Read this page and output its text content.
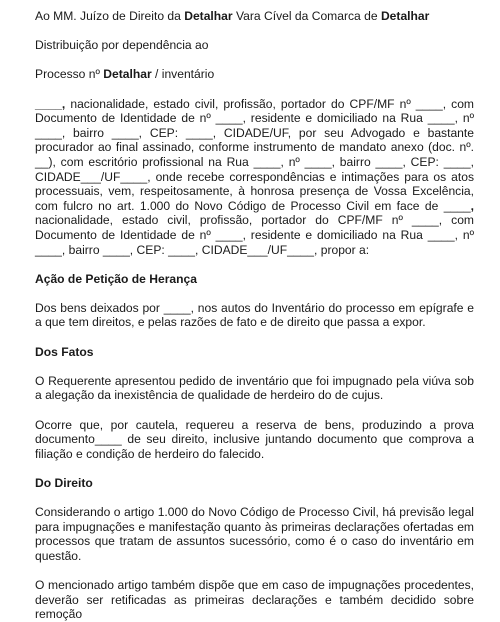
Ao MM. Juízo de Direito da Detalhar Vara Cível da Comarca de Detalhar

Distribuição por dependência ao

Processo nº Detalhar / inventário

____, nacionalidade, estado civil, profissão, portador do CPF/MF nº ____, com Documento de Identidade de nº ____, residente e domiciliado na Rua ____, nº ____, bairro ____, CEP: ____, CIDADE/UF, por seu Advogado e bastante procurador ao final assinado, conforme instrumento de mandato anexo (doc. nº. __), com escritório profissional na Rua ____, nº ____, bairro ____, CEP: ____, CIDADE___/UF____, onde recebe correspondências e intimações para os atos processuais, vem, respeitosamente, à honrosa presença de Vossa Excelência, com fulcro no art. 1.000 do Novo Código de Processo Civil em face de ____, nacionalidade, estado civil, profissão, portador do CPF/MF nº ____, com Documento de Identidade de nº ____, residente e domiciliado na Rua ____, nº ____, bairro ____, CEP: ____, CIDADE___/UF____, propor a:

Ação de Petição de Herança

Dos bens deixados por ____, nos autos do Inventário do processo em epígrafe e a que tem direitos, e pelas razões de fato e de direito que passa a expor.

Dos Fatos

O Requerente apresentou pedido de inventário que foi impugnado pela viúva sob a alegação da inexistência de qualidade de herdeiro do de cujus.

Ocorre que, por cautela, requereu a reserva de bens, produzindo a prova documento____ de seu direito, inclusive juntando documento que comprova a filiação e condição de herdeiro do falecido.

Do Direito

Considerando o artigo 1.000 do Novo Código de Processo Civil, há previsão legal para impugnações e manifestação quanto às primeiras declarações ofertadas em processos que tratam de assuntos sucessório, como é o caso do inventário em questão.

O mencionado artigo também dispõe que em caso de impugnações procedentes, deverão ser retificadas as primeiras declarações e também decidido sobre remoção
